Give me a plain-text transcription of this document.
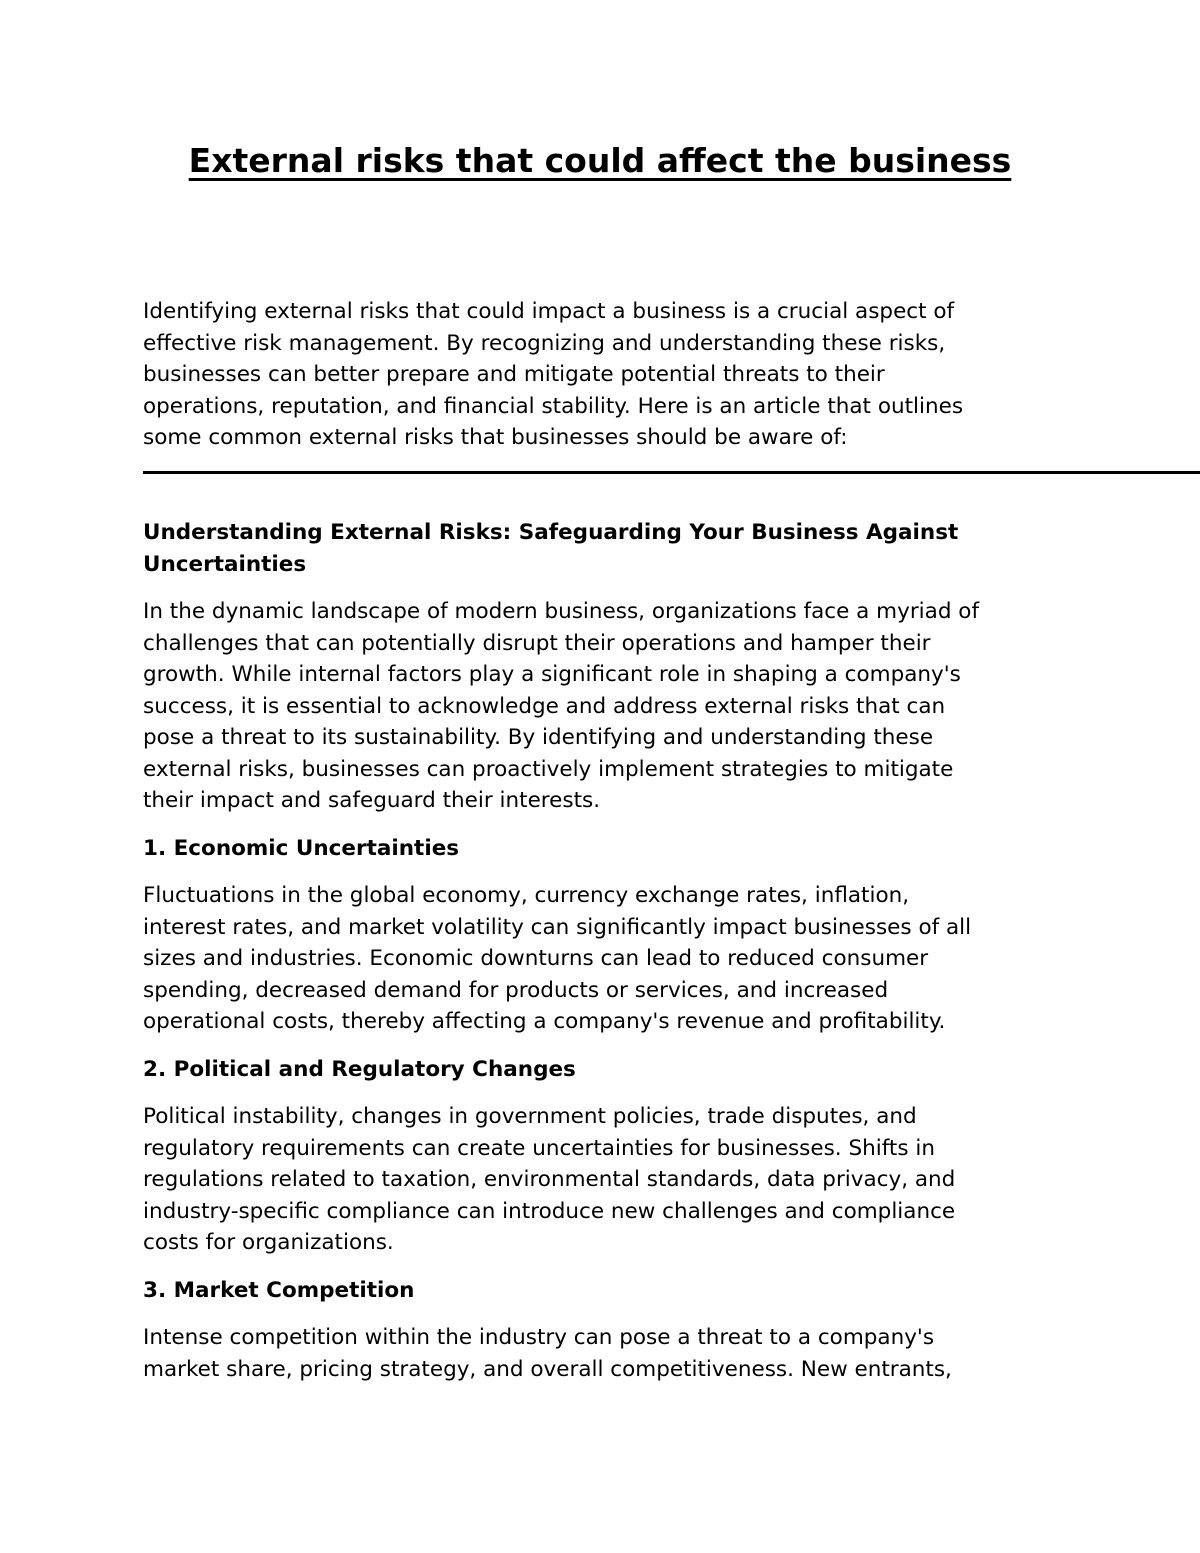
External risks that could affect the business

Identifying external risks that could impact a business is a crucial aspect of
effective risk management. By recognizing and understanding these risks,
businesses can better prepare and mitigate potential threats to their
operations, reputation, and financial stability. Here is an article that outlines
some common external risks that businesses should be aware of:

Understanding External Risks: Safeguarding Your Business Against
Uncertainties

In the dynamic landscape of modern business, organizations face a myriad of
challenges that can potentially disrupt their operations and hamper their
growth. While internal factors play a significant role in shaping a company's
success, it is essential to acknowledge and address external risks that can
pose a threat to its sustainability. By identifying and understanding these
external risks, businesses can proactively implement strategies to mitigate
their impact and safeguard their interests.

1. Economic Uncertainties

Fluctuations in the global economy, currency exchange rates, inflation,
interest rates, and market volatility can significantly impact businesses of all
sizes and industries. Economic downturns can lead to reduced consumer
spending, decreased demand for products or services, and increased
operational costs, thereby affecting a company's revenue and profitability.

2. Political and Regulatory Changes

Political instability, changes in government policies, trade disputes, and
regulatory requirements can create uncertainties for businesses. Shifts in
regulations related to taxation, environmental standards, data privacy, and
industry-specific compliance can introduce new challenges and compliance
costs for organizations.

3. Market Competition

Intense competition within the industry can pose a threat to a company's
market share, pricing strategy, and overall competitiveness. New entrants,
